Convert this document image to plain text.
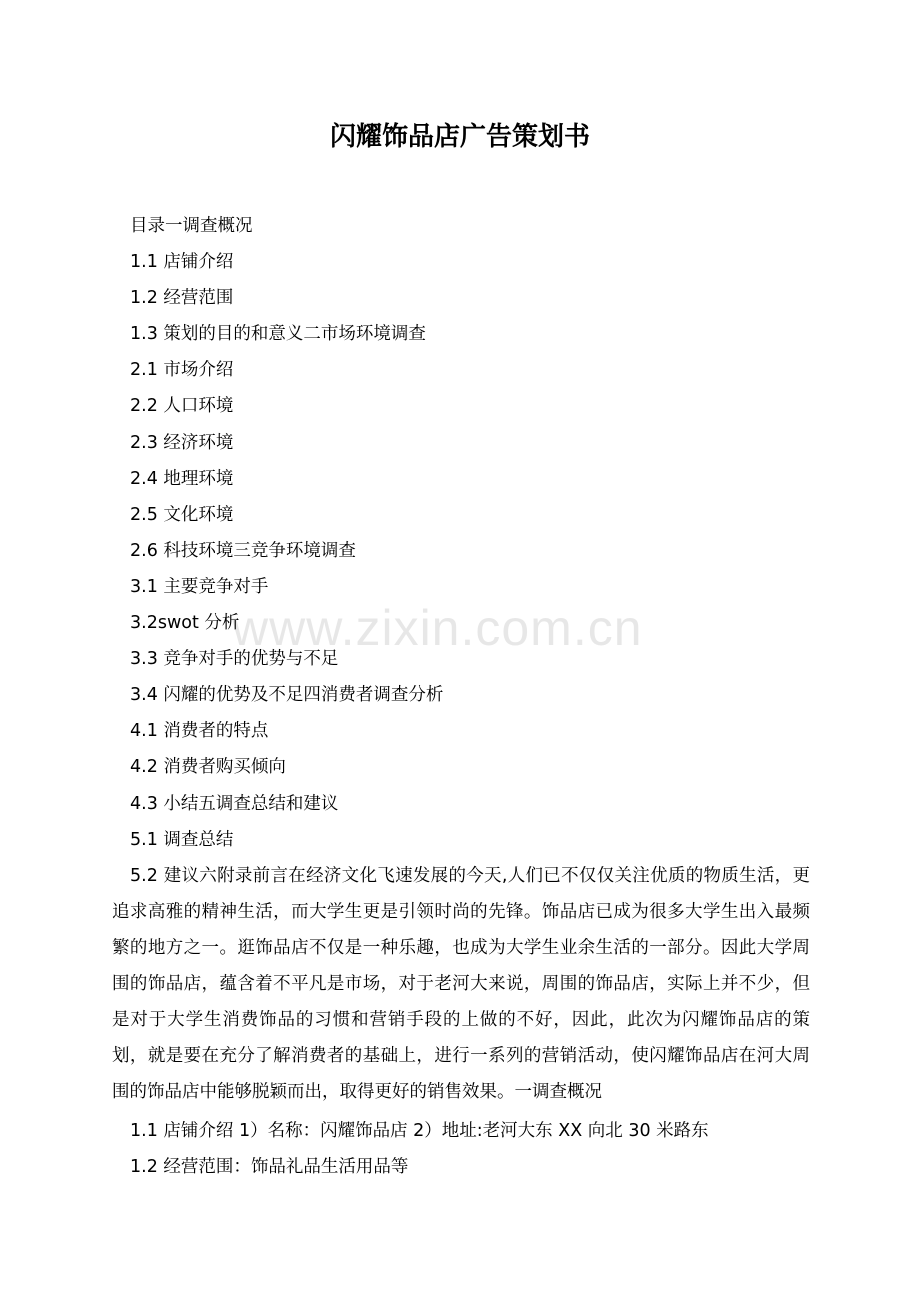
闪耀饰品店广告策划书
目录一调查概况
1.1 店铺介绍
1.2 经营范围
1.3 策划的目的和意义二市场环境调查
2.1 市场介绍
2.2 人口环境
2.3 经济环境
2.4 地理环境
2.5 文化环境
2.6 科技环境三竞争环境调查
3.1 主要竞争对手
3.2swot 分析
3.3 竞争对手的优势与不足
3.4 闪耀的优势及不足四消费者调查分析
4.1 消费者的特点
4.2 消费者购买倾向
4.3 小结五调查总结和建议
5.1 调查总结

5.2 建议六附录前言在经济文化飞速发展的今天,人们已不仅仅关注优质的物质生活，更追求高雅的精神生活，而大学生更是引领时尚的先锋。饰品店已成为很多大学生出入最频繁的地方之一。逛饰品店不仅是一种乐趣，也成为大学生业余生活的一部分。因此大学周围的饰品店，蕴含着不平凡是市场，对于老河大来说，周围的饰品店，实际上并不少，但是对于大学生消费饰品的习惯和营销手段的上做的不好，因此，此次为闪耀饰品店的策划，就是要在充分了解消费者的基础上，进行一系列的营销活动，使闪耀饰品店在河大周围的饰品店中能够脱颖而出，取得更好的销售效果。一调查概况

1.1 店铺介绍 1）名称：闪耀饰品店 2）地址:老河大东 XX 向北 30 米路东

1.2 经营范围：饰品礼品生活用品等

www.zixin.com.cn
